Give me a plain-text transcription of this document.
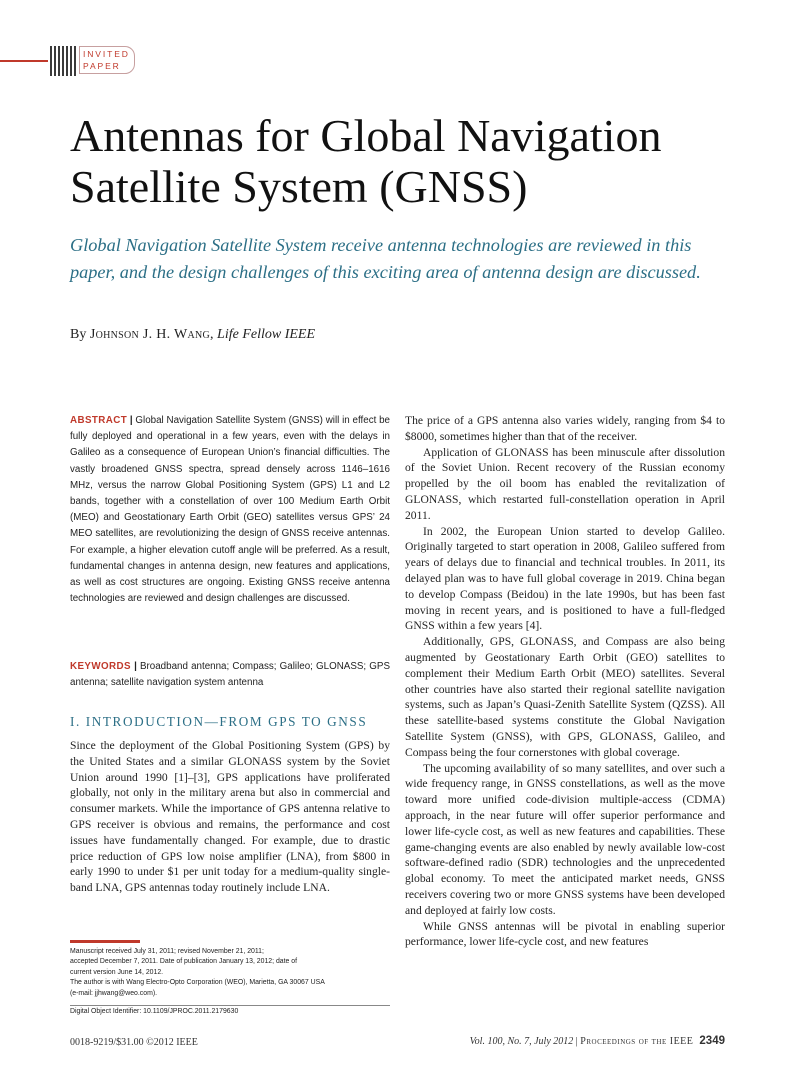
INVITED
PAPER
Antennas for Global Navigation
Satellite System (GNSS)

Global Navigation Satellite System receive antenna technologies are reviewed in this paper, and the design challenges of this exciting area of antenna design are discussed.

By Johnson J. H. Wang, Life Fellow IEEE

ABSTRACT | Global Navigation Satellite System (GNSS) will in effect be fully deployed and operational in a few years, even with the delays in Galileo as a consequence of European Union’s financial difficulties. The vastly broadened GNSS spectra, spread densely across 1146–1616 MHz, versus the narrow Global Positioning System (GPS) L1 and L2 bands, together with a constellation of over 100 Medium Earth Orbit (MEO) and Geostationary Earth Orbit (GEO) satellites versus GPS’ 24 MEO satellites, are revolutionizing the design of GNSS receive antennas. For example, a higher elevation cutoff angle will be preferred. As a result, fundamental changes in antenna design, new features and applications, as well as cost structures are ongoing. Existing GNSS receive antenna technologies are reviewed and design challenges are discussed.

KEYWORDS | Broadband antenna; Compass; Galileo; GLONASS; GPS antenna; satellite navigation system antenna

I. INTRODUCTION—FROM GPS TO GNSS

Since the deployment of the Global Positioning System (GPS) by the United States and a similar GLONASS system by the Soviet Union around 1990 [1]–[3], GPS applications have proliferated globally, not only in the military arena but also in commercial and consumer markets. While the importance of GPS antenna relative to GPS receiver is obvious and remains, the performance and cost issues have fundamentally changed. For example, due to drastic price reduction of GPS low noise amplifier (LNA), from $800 in early 1990 to under $1 per unit today for a medium-quality single-band LNA, GPS antennas today routinely include LNA.

Manuscript received July 31, 2011; revised November 21, 2011;
accepted December 7, 2011. Date of publication January 13, 2012; date of
current version June 14, 2012.
The author is with Wang Electro-Opto Corporation (WEO), Marietta, GA 30067 USA
(e-mail: jjhwang@weo.com).

Digital Object Identifier: 10.1109/JPROC.2011.2179630

The price of a GPS antenna also varies widely, ranging from $4 to $8000, sometimes higher than that of the receiver.

Application of GLONASS has been minuscule after dissolution of the Soviet Union. Recent recovery of the Russian economy propelled by the oil boom has enabled the revitalization of GLONASS, which restarted full-constellation operation in April 2011.

In 2002, the European Union started to develop Galileo. Originally targeted to start operation in 2008, Galileo suffered from years of delays due to financial and technical troubles. In 2011, its delayed plan was to have full global coverage in 2019. China began to develop Compass (Beidou) in the late 1990s, but has been fast moving in recent years, and is positioned to have a full-fledged GNSS within a few years [4].

Additionally, GPS, GLONASS, and Compass are also being augmented by Geostationary Earth Orbit (GEO) satellites to complement their Medium Earth Orbit (MEO) satellites. Several other countries have also started their regional satellite navigation systems, such as Japan’s Quasi-Zenith Satellite System (QZSS). All these satellite-based systems constitute the Global Navigation Satellite System (GNSS), with GPS, GLONASS, Galileo, and Compass being the four cornerstones with global coverage.

The upcoming availability of so many satellites, and over such a wide frequency range, in GNSS constellations, as well as the move toward more unified code-division multiple-access (CDMA) approach, in the near future will offer superior performance and lower life-cycle cost, as well as new features and capabilities. These game-changing events are also enabled by newly available low-cost software-defined radio (SDR) technologies and the unprecedented global economy. To meet the anticipated market needs, GNSS receivers covering two or more GNSS systems have been developed and deployed at fairly low costs.

While GNSS antennas will be pivotal in enabling superior performance, lower life-cycle cost, and new features

0018-9219/$31.00 ©2012 IEEE	Vol. 100, No. 7, July 2012 | Proceedings of the IEEE 2349
